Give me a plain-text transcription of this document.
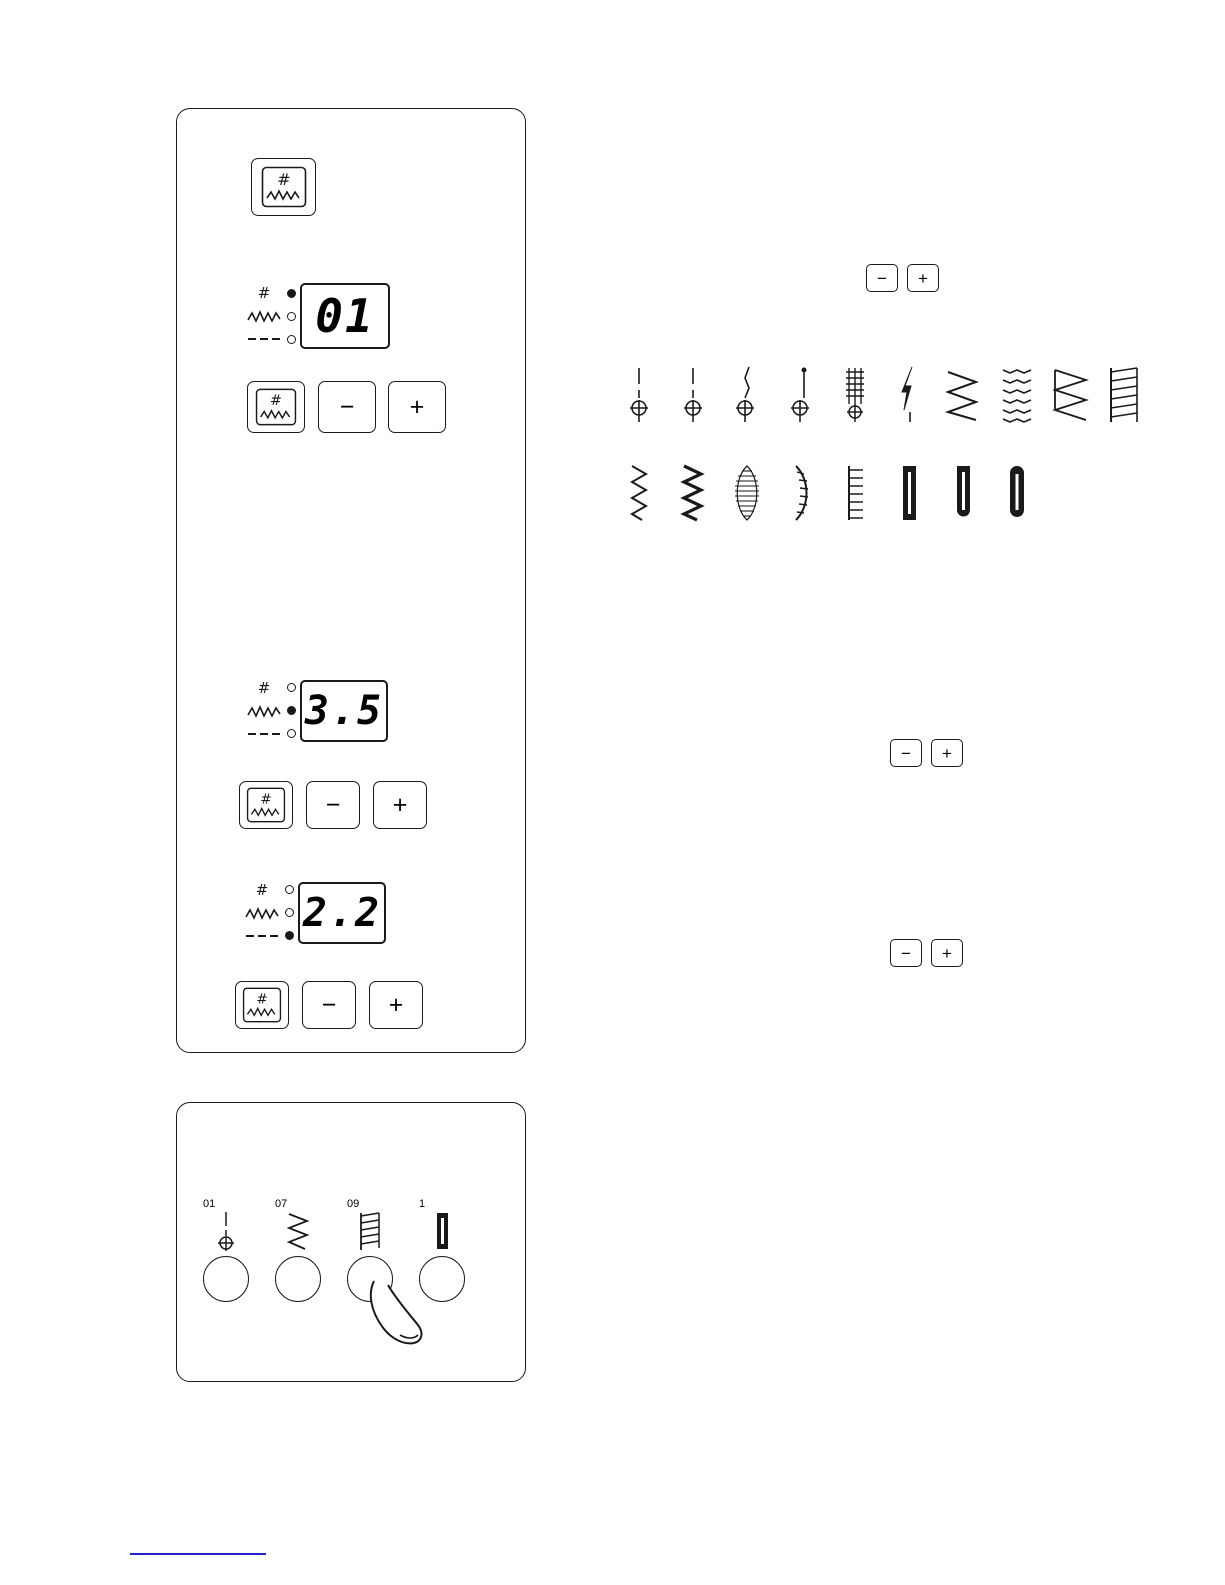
#
# 01
# − +
# 3.5
# − +
# 2.2
# − +
− +
− +
− +
01	07	09	1
